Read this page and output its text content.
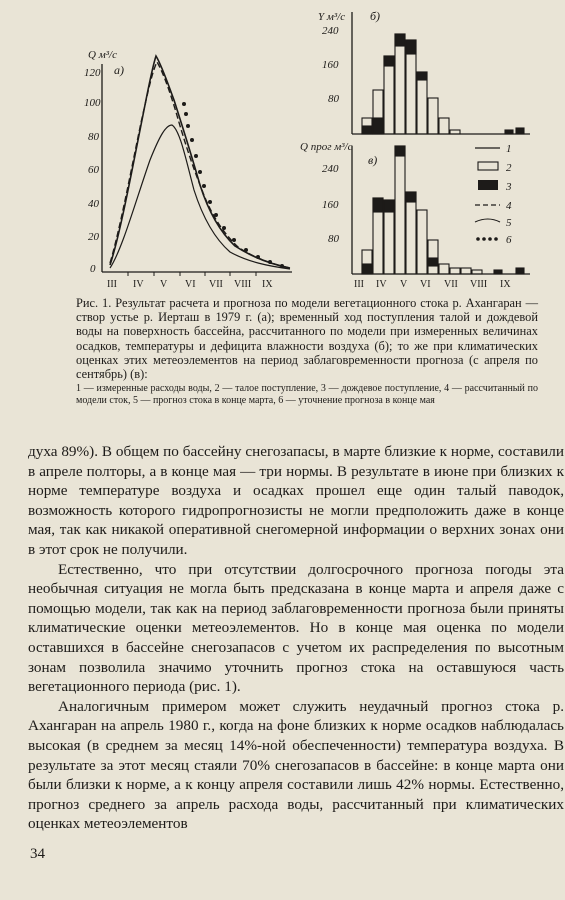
Q м³/с
а)
120
100
80
60
40
20
0
III IV V VI VII VIII IX
Y м³/с б)
240
160
80
Q прог м³/с
в)
240
160
80
III IV V VI VII VIII IX
1
2
3
4
5
6

Рис. 1. Результат расчета и прогноза по модели вегетационного стока р. Ахангаран — створ устье р. Иерташ в 1979 г. (а); временный ход поступления талой и дождевой воды на поверхность бассейна, рассчитанного по модели при измеренных величинах осадков, температуры и дефицита влажности воздуха (б); то же при климатических оценках этих метеоэлементов на период заблаговременности прогноза (с апреля по сентябрь) (в):

1 — измеренные расходы воды, 2 — талое поступление, 3 — дождевое поступление, 4 — рассчитанный по модели сток, 5 — прогноз стока в конце марта, 6 — уточнение прогноза в конце мая

духа 89%). В общем по бассейну снегозапасы, в марте близкие к норме, составили в апреле полторы, а в конце мая — три нормы. В результате в июне при близких к норме температуре воздуха и осадках прошел еще один талый паводок, возможность которого гидропрогнозисты не могли предположить даже в конце мая, так как никакой оперативной снегомерной информации о верхних зонах они в этот срок не получили.

Естественно, что при отсутствии долгосрочного прогноза погоды эта необычная ситуация не могла быть предсказана в конце марта и апреля даже с помощью модели, так как на период заблаговременности прогноза были приняты климатические оценки метеоэлементов. Но в конце мая оценка по модели оставшихся в бассейне снегозапасов с учетом их распределения по высотным зонам позволила значимо уточнить прогноз стока на оставшуюся часть вегетационного периода (рис. 1).

Аналогичным примером может служить неудачный прогноз стока р. Ахангаран на апрель 1980 г., когда на фоне близких к норме осадков наблюдалась высокая (в среднем за месяц 14%-ной обеспеченности) температура воздуха. В результате за этот месяц стаяли 70% снегозапасов в бассейне: в конце марта они были близки к норме, а к концу апреля составили лишь 42% нормы. Естественно, прогноз среднего за апрель расхода воды, рассчитанный при климатических оценках метеоэлементов

34
